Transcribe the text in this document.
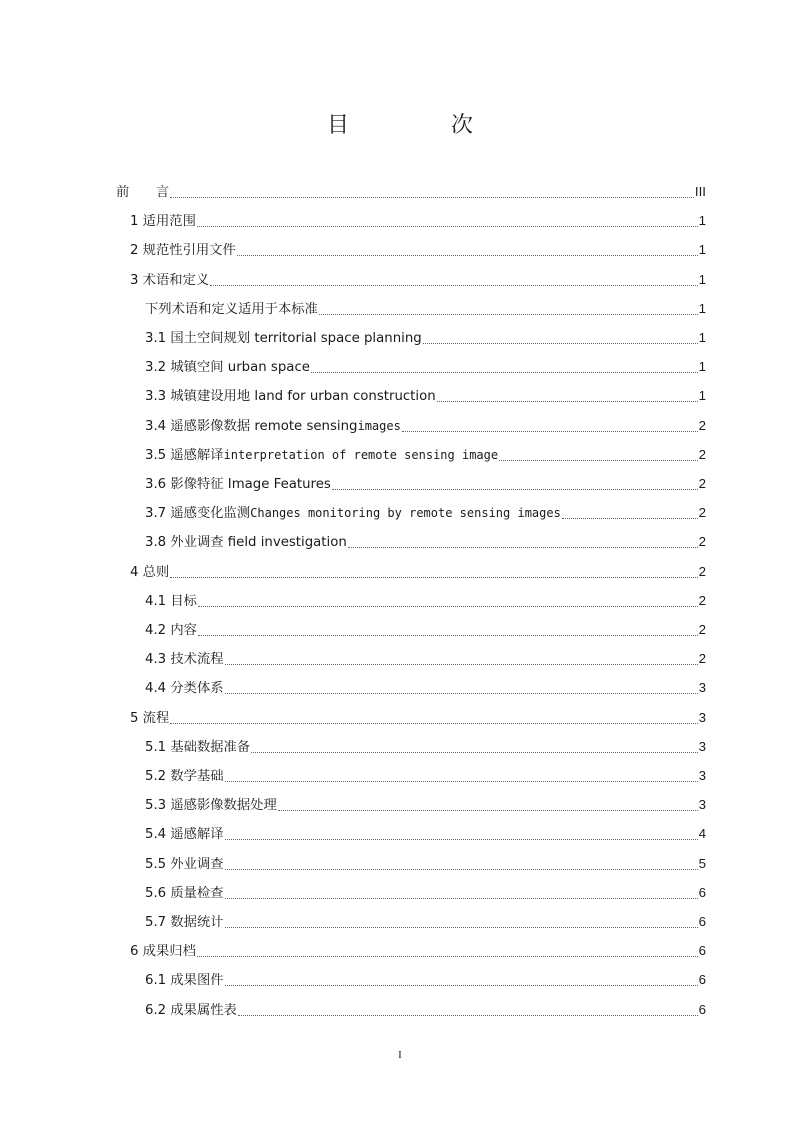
目　次
前　　言	III
1 适用范围	1
2 规范性引用文件	1
3 术语和定义	1
下列术语和定义适用于本标准	1
3.1 国土空间规划 territorial space planning	1
3.2 城镇空间 urban space	1
3.3 城镇建设用地 land for urban construction	1
3.4 遥感影像数据 remote sensing images	2
3.5 遥感解译 interpretation of remote sensing image	2
3.6 影像特征 Image Features	2
3.7 遥感变化监测 Changes monitoring by remote sensing images	2
3.8 外业调查 field investigation	2
4 总则	2
4.1 目标	2
4.2 内容	2
4.3 技术流程	2
4.4 分类体系	3
5 流程	3
5.1 基础数据准备	3
5.2 数学基础	3
5.3 遥感影像数据处理	3
5.4 遥感解译	4
5.5 外业调查	5
5.6 质量检查	6
5.7 数据统计	6
6 成果归档	6
6.1 成果图件	6
6.2 成果属性表	6
I
